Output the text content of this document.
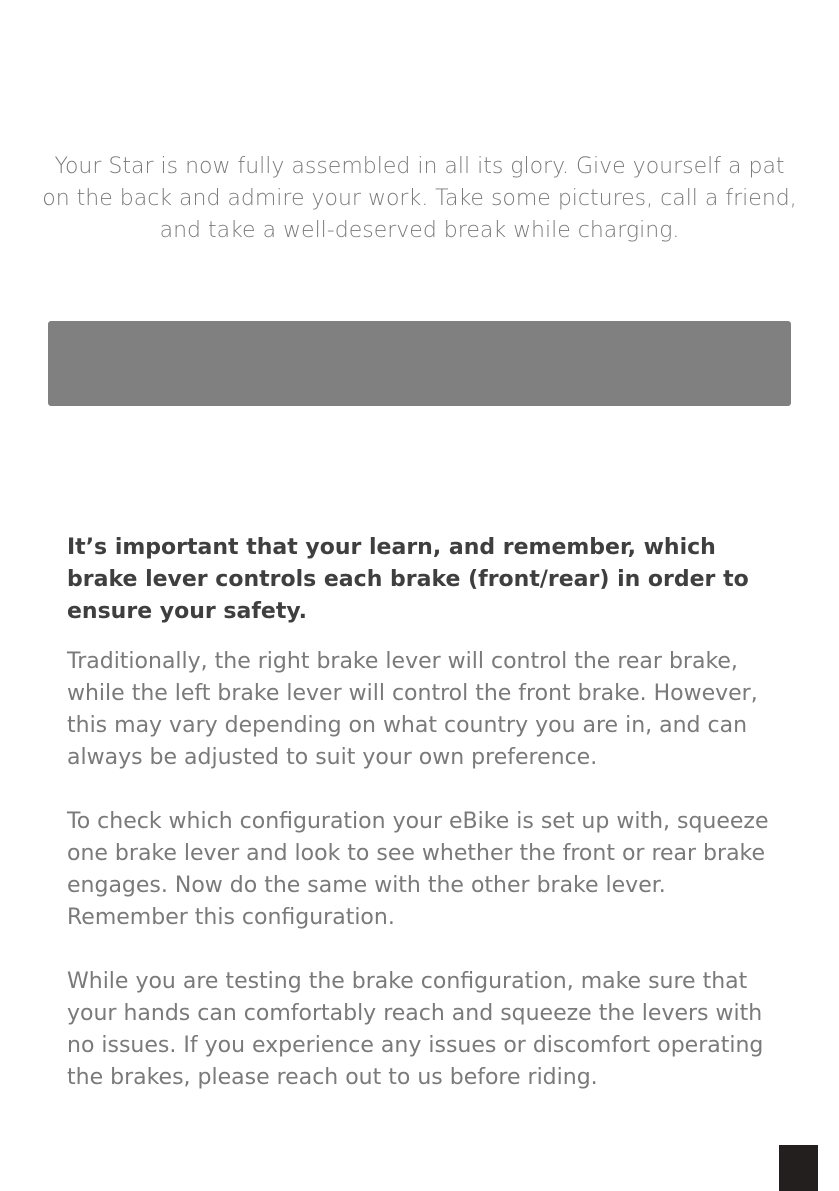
Your Star is now fully assembled in all its glory. Give yourself a pat on the back and admire your work. Take some pictures, call a friend, and take a well-deserved break while charging.

It’s important that your learn, and remember, which brake lever controls each brake (front/rear) in order to ensure your safety.

Traditionally, the right brake lever will control the rear brake, while the left brake lever will control the front brake. However, this may vary depending on what country you are in, and can always be adjusted to suit your own preference.

To check which configuration your eBike is set up with, squeeze one brake lever and look to see whether the front or rear brake engages. Now do the same with the other brake lever. Remember this configuration.

While you are testing the brake configuration, make sure that your hands can comfortably reach and squeeze the levers with no issues. If you experience any issues or discomfort operating the brakes, please reach out to us before riding.
